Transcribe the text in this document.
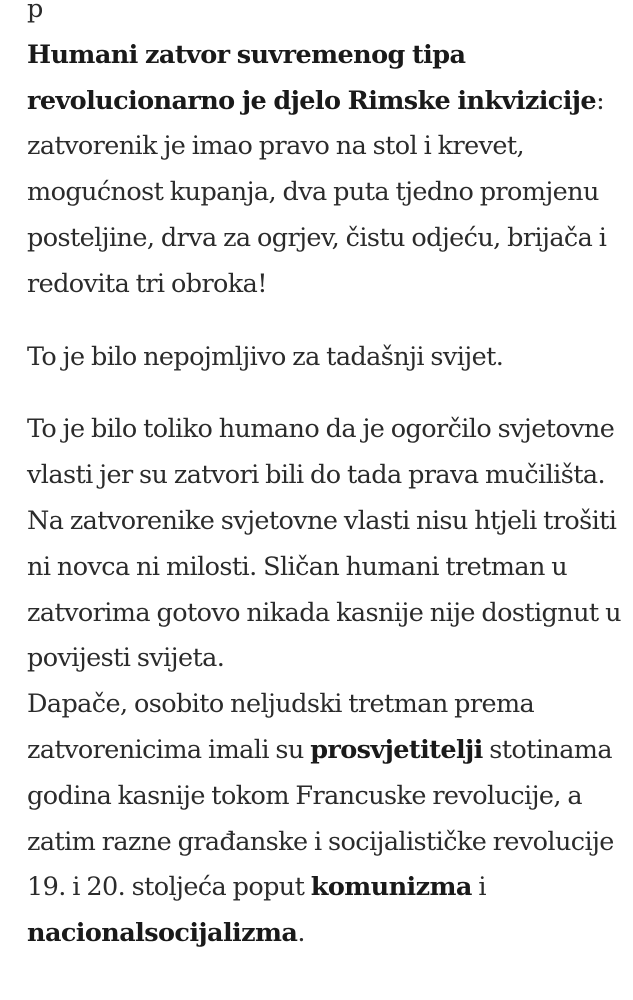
p

Humani zatvor suvremenog tipa revolucionarno je djelo Rimske inkvizicije: zatvorenik je imao pravo na stol i krevet, mogućnost kupanja, dva puta tjedno promjenu posteljine, drva za ogrjev, čistu odjeću, brijača i redovita tri obroka!

To je bilo nepojmljivo za tadašnji svijet.

To je bilo toliko humano da je ogorčilo svjetovne vlasti jer su zatvori bili do tada prava mučilišta. Na zatvorenike svjetovne vlasti nisu htjeli trošiti ni novca ni milosti. Sličan humani tretman u zatvorima gotovo nikada kasnije nije dostignut u povijesti svijeta.

Dapače, osobito neljudski tretman prema zatvorenicima imali su prosvjetitelji stotinama godina kasnije tokom Francuske revolucije, a zatim razne građanske i socijalističke revolucije 19. i 20. stoljeća poput komunizma i nacionalsocijalizma.
